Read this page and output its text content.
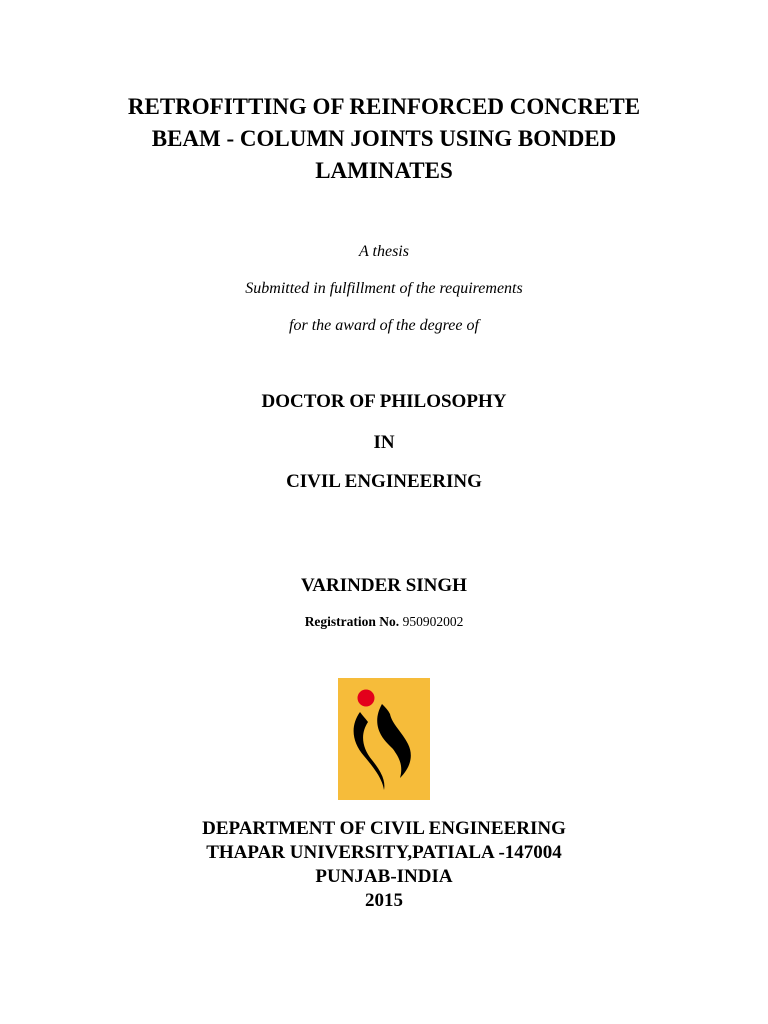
RETROFITTING OF REINFORCED CONCRETE
BEAM - COLUMN JOINTS USING BONDED
LAMINATES
A thesis
Submitted in fulfillment of the requirements
for the award of the degree of
DOCTOR OF PHILOSOPHY
IN
CIVIL ENGINEERING
VARINDER SINGH
Registration No. 950902002
DEPARTMENT OF CIVIL ENGINEERING
THAPAR UNIVERSITY,PATIALA -147004
PUNJAB-INDIA
2015
